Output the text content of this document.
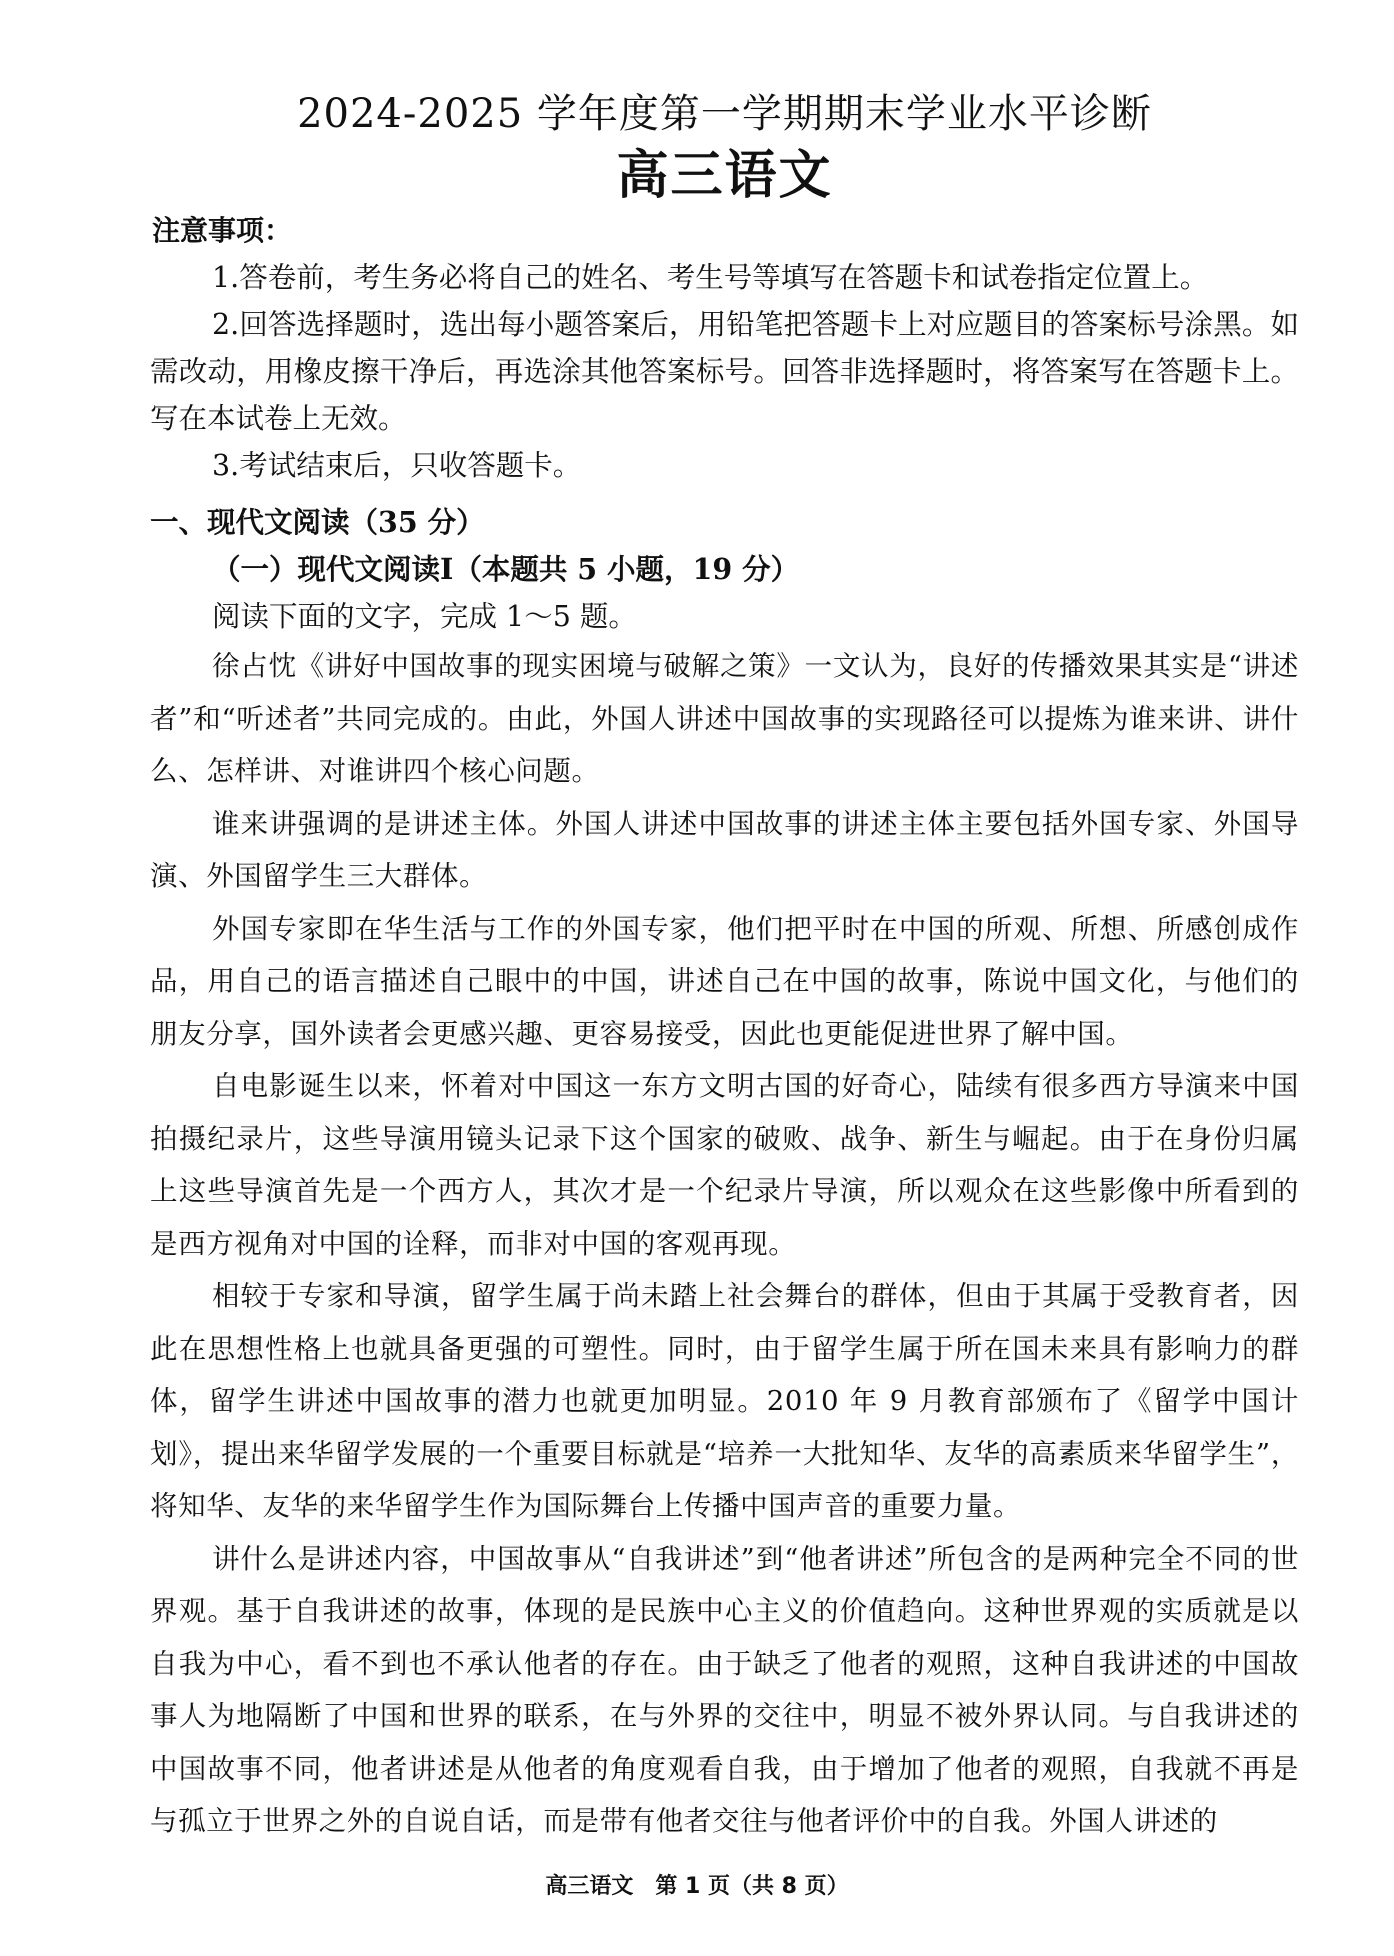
2024-2025 学年度第一学期期末学业水平诊断
高三语文
注意事项：

1.答卷前，考生务必将自己的姓名、考生号等填写在答题卡和试卷指定位置上。

2.回答选择题时，选出每小题答案后，用铅笔把答题卡上对应题目的答案标号涂黑。如需改动，用橡皮擦干净后，再选涂其他答案标号。回答非选择题时，将答案写在答题卡上。写在本试卷上无效。

3.考试结束后，只收答题卡。

一、现代文阅读（35 分）
（一）现代文阅读Ⅰ（本题共 5 小题，19 分）

阅读下面的文字，完成 1～5 题。

徐占忱《讲好中国故事的现实困境与破解之策》一文认为，良好的传播效果其实是“讲述者”和“听述者”共同完成的。由此，外国人讲述中国故事的实现路径可以提炼为谁来讲、讲什么、怎样讲、对谁讲四个核心问题。

谁来讲强调的是讲述主体。外国人讲述中国故事的讲述主体主要包括外国专家、外国导演、外国留学生三大群体。

外国专家即在华生活与工作的外国专家，他们把平时在中国的所观、所想、所感创成作品，用自己的语言描述自己眼中的中国，讲述自己在中国的故事，陈说中国文化，与他们的朋友分享，国外读者会更感兴趣、更容易接受，因此也更能促进世界了解中国。

自电影诞生以来，怀着对中国这一东方文明古国的好奇心，陆续有很多西方导演来中国拍摄纪录片，这些导演用镜头记录下这个国家的破败、战争、新生与崛起。由于在身份归属上这些导演首先是一个西方人，其次才是一个纪录片导演，所以观众在这些影像中所看到的是西方视角对中国的诠释，而非对中国的客观再现。

相较于专家和导演，留学生属于尚未踏上社会舞台的群体，但由于其属于受教育者，因此在思想性格上也就具备更强的可塑性。同时，由于留学生属于所在国未来具有影响力的群体，留学生讲述中国故事的潜力也就更加明显。2010 年 9 月教育部颁布了《留学中国计划》，提出来华留学发展的一个重要目标就是“培养一大批知华、友华的高素质来华留学生”，将知华、友华的来华留学生作为国际舞台上传播中国声音的重要力量。

讲什么是讲述内容，中国故事从“自我讲述”到“他者讲述”所包含的是两种完全不同的世界观。基于自我讲述的故事，体现的是民族中心主义的价值趋向。这种世界观的实质就是以自我为中心，看不到也不承认他者的存在。由于缺乏了他者的观照，这种自我讲述的中国故事人为地隔断了中国和世界的联系，在与外界的交往中，明显不被外界认同。与自我讲述的中国故事不同，他者讲述是从他者的角度观看自我，由于增加了他者的观照，自我就不再是与孤立于世界之外的自说自话，而是带有他者交往与他者评价中的自我。外国人讲述的

高三语文　第 1 页（共 8 页）
